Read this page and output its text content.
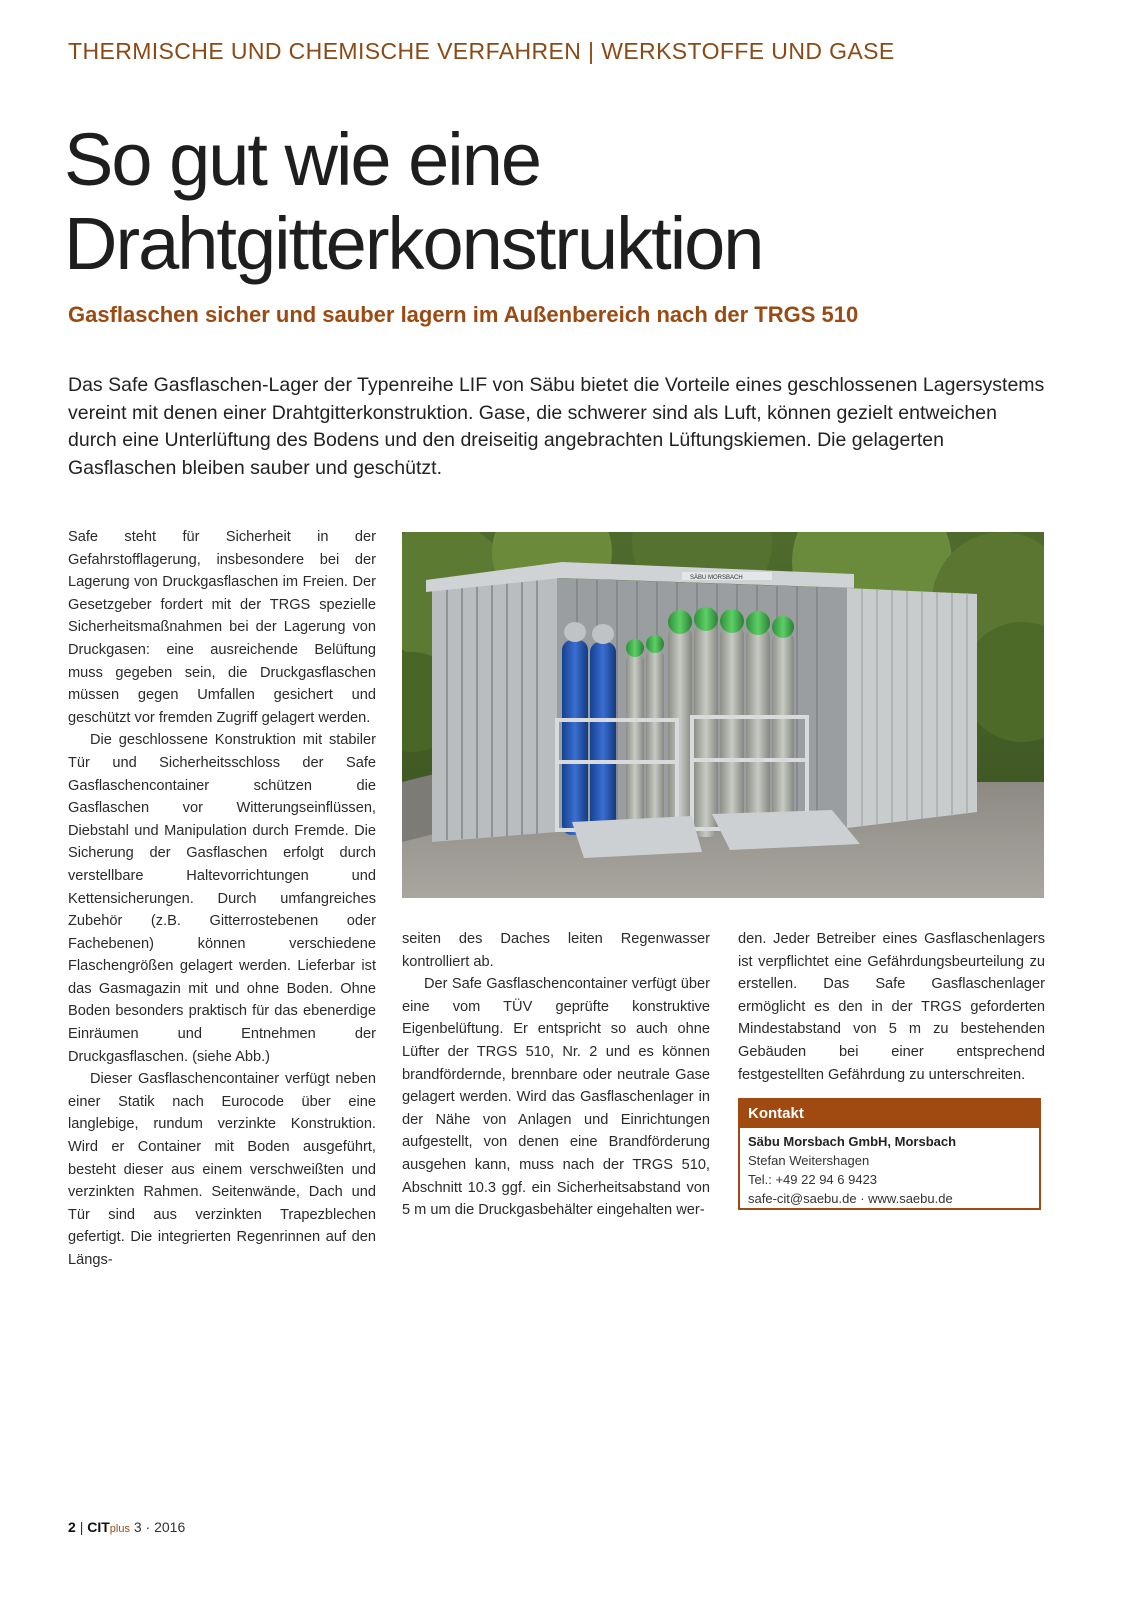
THERMISCHE UND CHEMISCHE VERFAHREN | WERKSTOFFE UND GASE
So gut wie eine
Drahtgitterkonstruktion
Gasflaschen sicher und sauber lagern im Außenbereich nach der TRGS 510

Das Safe Gasflaschen-Lager der Typenreihe LIF von Säbu bietet die Vorteile eines geschlossenen Lagersystems vereint mit denen einer Drahtgitterkonstruktion. Gase, die schwerer sind als Luft, können gezielt entweichen durch eine Unterlüftung des Bodens und den dreiseitig angebrachten Lüftungskiemen. Die gelagerten Gasflaschen bleiben sauber und geschützt.

Safe steht für Sicherheit in der Gefahrstofflagerung, insbesondere bei der Lagerung von Druckgasflaschen im Freien. Der Gesetzgeber fordert mit der TRGS spezielle Sicherheitsmaßnahmen bei der Lagerung von Druckgasen: eine ausreichende Belüftung muss gegeben sein, die Druckgasflaschen müssen gegen Umfallen gesichert und geschützt vor fremden Zugriff gelagert werden.

Die geschlossene Konstruktion mit stabiler Tür und Sicherheitsschloss der Safe Gasflaschencontainer schützen die Gasflaschen vor Witterungseinflüssen, Diebstahl und Manipulation durch Fremde. Die Sicherung der Gasflaschen erfolgt durch verstellbare Haltevorrichtungen und Kettensicherungen. Durch umfangreiches Zubehör (z.B. Gitterrostebenen oder Fachebenen) können verschiedene Flaschengrößen gelagert werden. Lieferbar ist das Gasmagazin mit und ohne Boden. Ohne Boden besonders praktisch für das ebenerdige Einräumen und Entnehmen der Druckgasflaschen. (siehe Abb.)

Dieser Gasflaschencontainer verfügt neben einer Statik nach Eurocode über eine langlebige, rundum verzinkte Konstruktion. Wird er Container mit Boden ausgeführt, besteht dieser aus einem verschweißten und verzinkten Rahmen. Seitenwände, Dach und Tür sind aus verzinkten Trapezblechen gefertigt. Die integrierten Regenrinnen auf den Längs-

SÄBU MORSBACH

seiten des Daches leiten Regenwasser kontrolliert ab.

Der Safe Gasflaschencontainer verfügt über eine vom TÜV geprüfte konstruktive Eigenbelüftung. Er entspricht so auch ohne Lüfter der TRGS 510, Nr. 2 und es können brandfördernde, brennbare oder neutrale Gase gelagert werden. Wird das Gasflaschenlager in der Nähe von Anlagen und Einrichtungen aufgestellt, von denen eine Brandförderung ausgehen kann, muss nach der TRGS 510, Abschnitt 10.3 ggf. ein Sicherheitsabstand von 5 m um die Druckgasbehälter eingehalten wer-

den. Jeder Betreiber eines Gasflaschenlagers ist verpflichtet eine Gefährdungsbeurteilung zu erstellen. Das Safe Gasflaschenlager ermöglicht es den in der TRGS geforderten Mindestabstand von 5 m zu bestehenden Gebäuden bei einer entsprechend festgestellten Gefährdung zu unterschreiten.

Kontakt
Säbu Morsbach GmbH, Morsbach
Stefan Weitershagen
Tel.: +49 22 94 6 9423
safe-cit@saebu.de · www.saebu.de
2 | CITplus 3 · 2016
